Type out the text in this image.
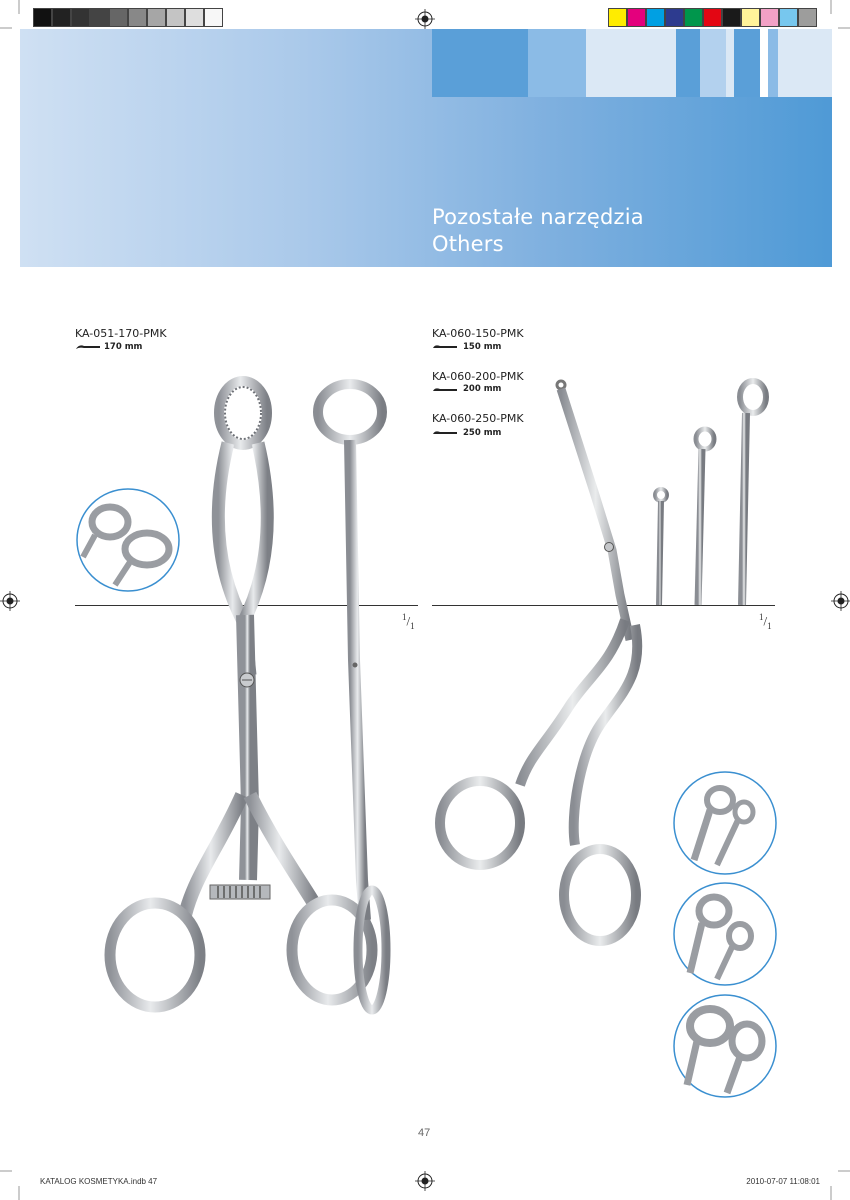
Pozostałe narzędzia
Others
KA-051-170-PMK
170 mm
KA-060-150-PMK
150 mm
KA-060-200-PMK
200 mm
KA-060-250-PMK
250 mm
$^1/_1$
$^1/_1$
47
KATALOG KOSMETYKA.indb 47	2010-07-07 11:08:01
